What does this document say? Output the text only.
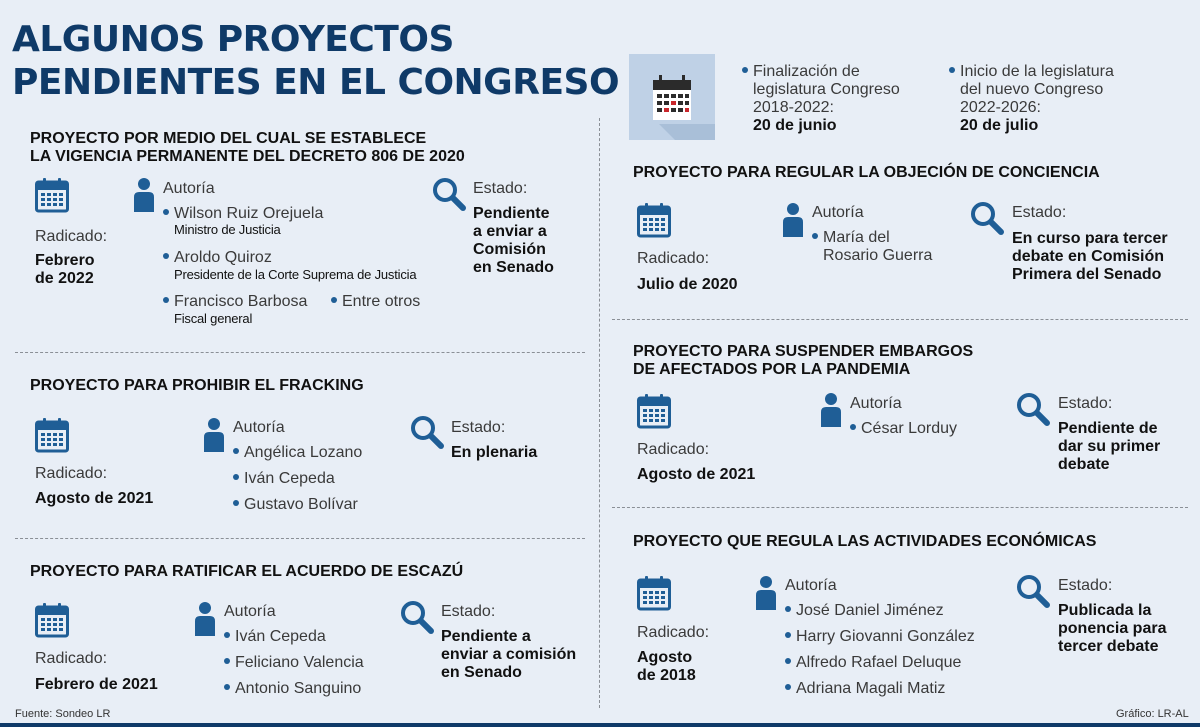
ALGUNOS PROYECTOS
PENDIENTES EN EL CONGRESO	Finalización de
legislatura Congreso
2018-2022:
20 de junio
Inicio de la legislatura
del nuevo Congreso
2022-2026:
20 de julio
PROYECTO POR MEDIO DEL CUAL SE ESTABLECE
LA VIGENCIA PERMANENTE DEL DECRETO 806 DE 2020
Radicado:
Febrero
de 2022
Autoría
Wilson Ruiz Orejuela
Ministro de Justicia
Aroldo Quiroz
Presidente de la Corte Suprema de Justicia
Francisco Barbosa
Fiscal general
Entre otros
Estado:
Pendiente
a enviar a
Comisión
en Senado
PROYECTO PARA PROHIBIR EL FRACKING
Radicado:
Agosto de 2021
Autoría
Angélica Lozano
Iván Cepeda
Gustavo Bolívar
Estado:
En plenaria
PROYECTO PARA RATIFICAR EL ACUERDO DE ESCAZÚ
Radicado:
Febrero de 2021
Autoría
Iván Cepeda
Feliciano Valencia
Antonio Sanguino
Estado:
Pendiente a
enviar a comisión
en Senado
PROYECTO PARA REGULAR LA OBJECIÓN DE CONCIENCIA
Radicado:
Julio de 2020
Autoría
María del
Rosario Guerra
Estado:
En curso para tercer
debate en Comisión
Primera del Senado
PROYECTO PARA SUSPENDER EMBARGOS
DE AFECTADOS POR LA PANDEMIA
Radicado:
Agosto de 2021
Autoría
César Lorduy
Estado:
Pendiente de
dar su primer
debate
PROYECTO QUE REGULA LAS ACTIVIDADES ECONÓMICAS
Radicado:
Agosto
de 2018
Autoría
José Daniel Jiménez
Harry Giovanni González
Alfredo Rafael Deluque
Adriana Magali Matiz
Estado:
Publicada la
ponencia para
tercer debate
Fuente: Sondeo LR	Gráfico: LR-AL
